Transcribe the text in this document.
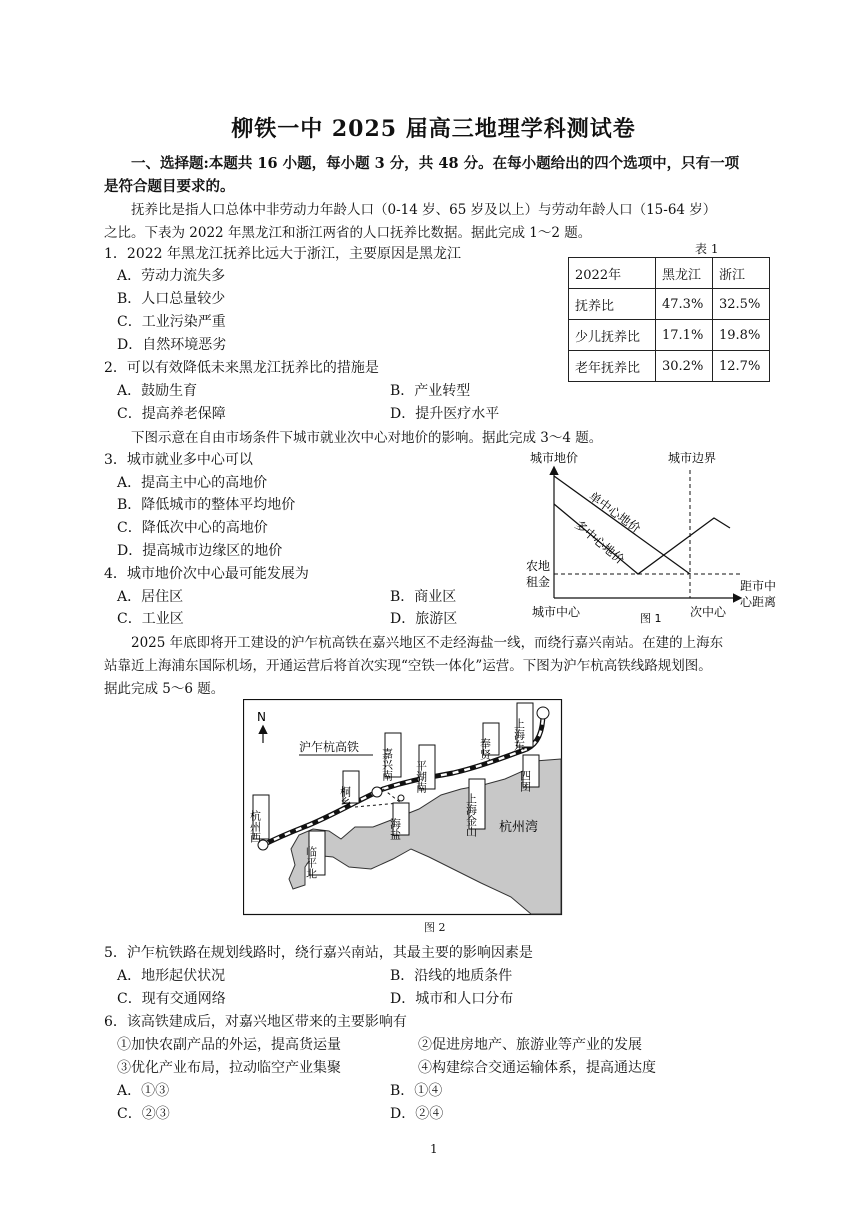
柳铁一中 2025 届高三地理学科测试卷
一、选择题:本题共 16 小题，每小题 3 分，共 48 分。在每小题给出的四个选项中，只有一项
是符合题目要求的。
抚养比是指人口总体中非劳动力年龄人口（0-14 岁、65 岁及以上）与劳动年龄人口（15-64 岁）
之比。下表为 2022 年黑龙江和浙江两省的人口抚养比数据。据此完成 1～2 题。
表 1
2022年	黑龙江	浙江
抚养比	47.3%	32.5%
少儿抚养比	17.1%	19.8%
老年抚养比	30.2%	12.7%
1．2022 年黑龙江抚养比远大于浙江，主要原因是黑龙江
A．劳动力流失多
B．人口总量较少
C．工业污染严重
D．自然环境恶劣
2．可以有效降低未来黑龙江抚养比的措施是
A．鼓励生育	B．产业转型
C．提高养老保障	D．提升医疗水平
下图示意在自由市场条件下城市就业次中心对地价的影响。据此完成 3～4 题。
3．城市就业多中心可以
A．提高主中心的高地价
B．降低城市的整体平均地价
C．降低次中心的高地价
D．提高城市边缘区的地价
4．城市地价次中心最可能发展为
A．居住区	B．商业区
C．工业区	D．旅游区
城市地价	城市边界
单中心地价
多中心地价
农地
租金
城市中心	次中心
距市中
心距离
图 1
2025 年底即将开工建设的沪乍杭高铁在嘉兴地区不走经海盐一线，而绕行嘉兴南站。在建的上海东
站靠近上海浦东国际机场，开通运营后将首次实现“空铁一体化”运营。下图为沪乍杭高铁线路规划图。
据此完成 5～6 题。
N
沪乍杭高铁
杭州西
临平北
桐乡
嘉兴南
海盐
平湖南
上海金山
奉贤
四团
上海东
杭州湾
图 2
5．沪乍杭铁路在规划线路时，绕行嘉兴南站，其最主要的影响因素是
A．地形起伏状况	B．沿线的地质条件
C．现有交通网络	D．城市和人口分布
6．该高铁建成后，对嘉兴地区带来的主要影响有
①加快农副产品的外运，提高货运量	②促进房地产、旅游业等产业的发展
③优化产业布局，拉动临空产业集聚	④构建综合交通运输体系，提高通达度
A．①③	B．①④
C．②③	D．②④
1
